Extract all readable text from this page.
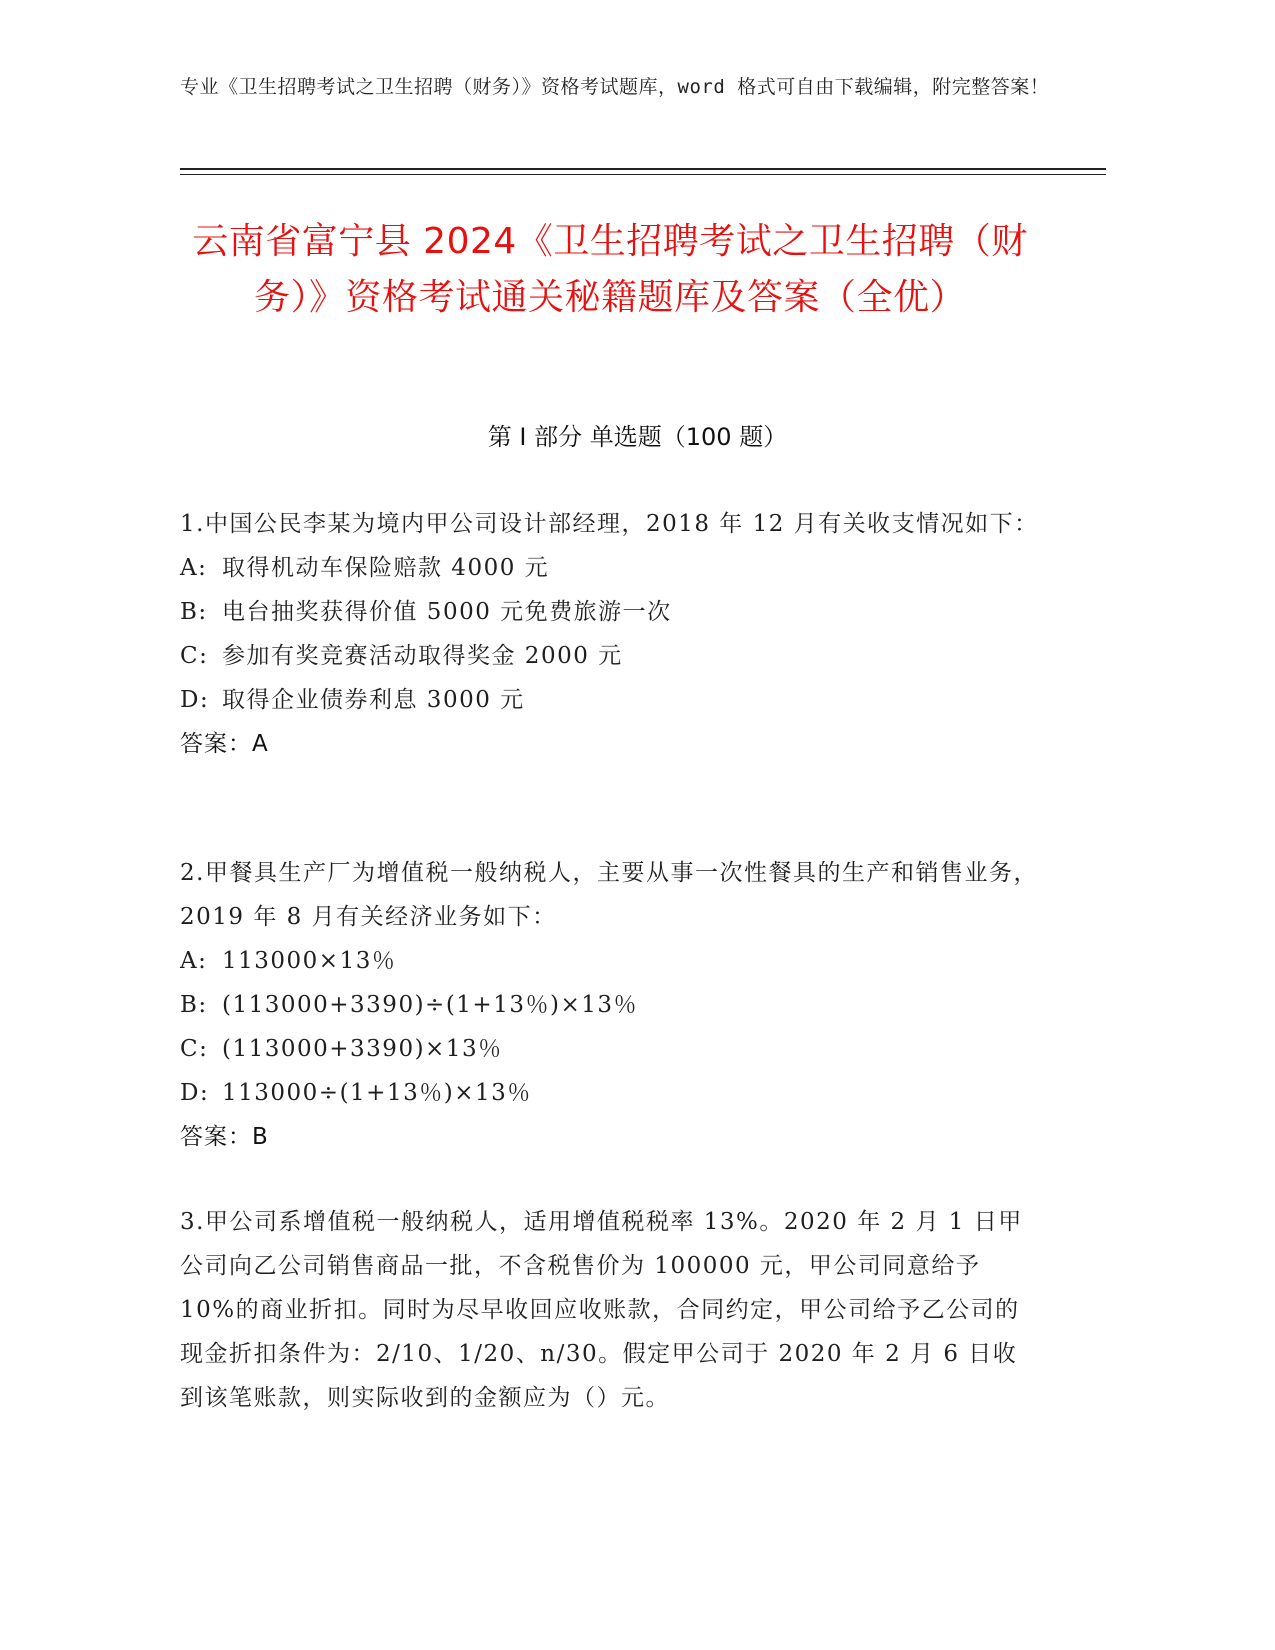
专业《卫生招聘考试之卫生招聘（财务）》资格考试题库，word 格式可自由下载编辑，附完整答案！
云南省富宁县 2024《卫生招聘考试之卫生招聘（财务）》资格考试通关秘籍题库及答案（全优）
第 I 部分 单选题（100 题）
1.中国公民李某为境内甲公司设计部经理，2018 年 12 月有关收支情况如下：
A: 取得机动车保险赔款 4000 元
B: 电台抽奖获得价值 5000 元免费旅游一次
C: 参加有奖竞赛活动取得奖金 2000 元
D: 取得企业债券利息 3000 元
答案：A
2.甲餐具生产厂为增值税一般纳税人，主要从事一次性餐具的生产和销售业务，2019 年 8 月有关经济业务如下：
A: 113000×13％
B: (113000+3390)÷(1+13％)×13％
C: (113000+3390)×13％
D: 113000÷(1+13％)×13％
答案：B
3.甲公司系增值税一般纳税人，适用增值税税率 13%。2020 年 2 月 1 日甲公司向乙公司销售商品一批，不含税售价为 100000 元，甲公司同意给予 10%的商业折扣。同时为尽早收回应收账款，合同约定，甲公司给予乙公司的现金折扣条件为：2/10、1/20、n/30。假定甲公司于 2020 年 2 月 6 日收到该笔账款，则实际收到的金额应为（）元。
